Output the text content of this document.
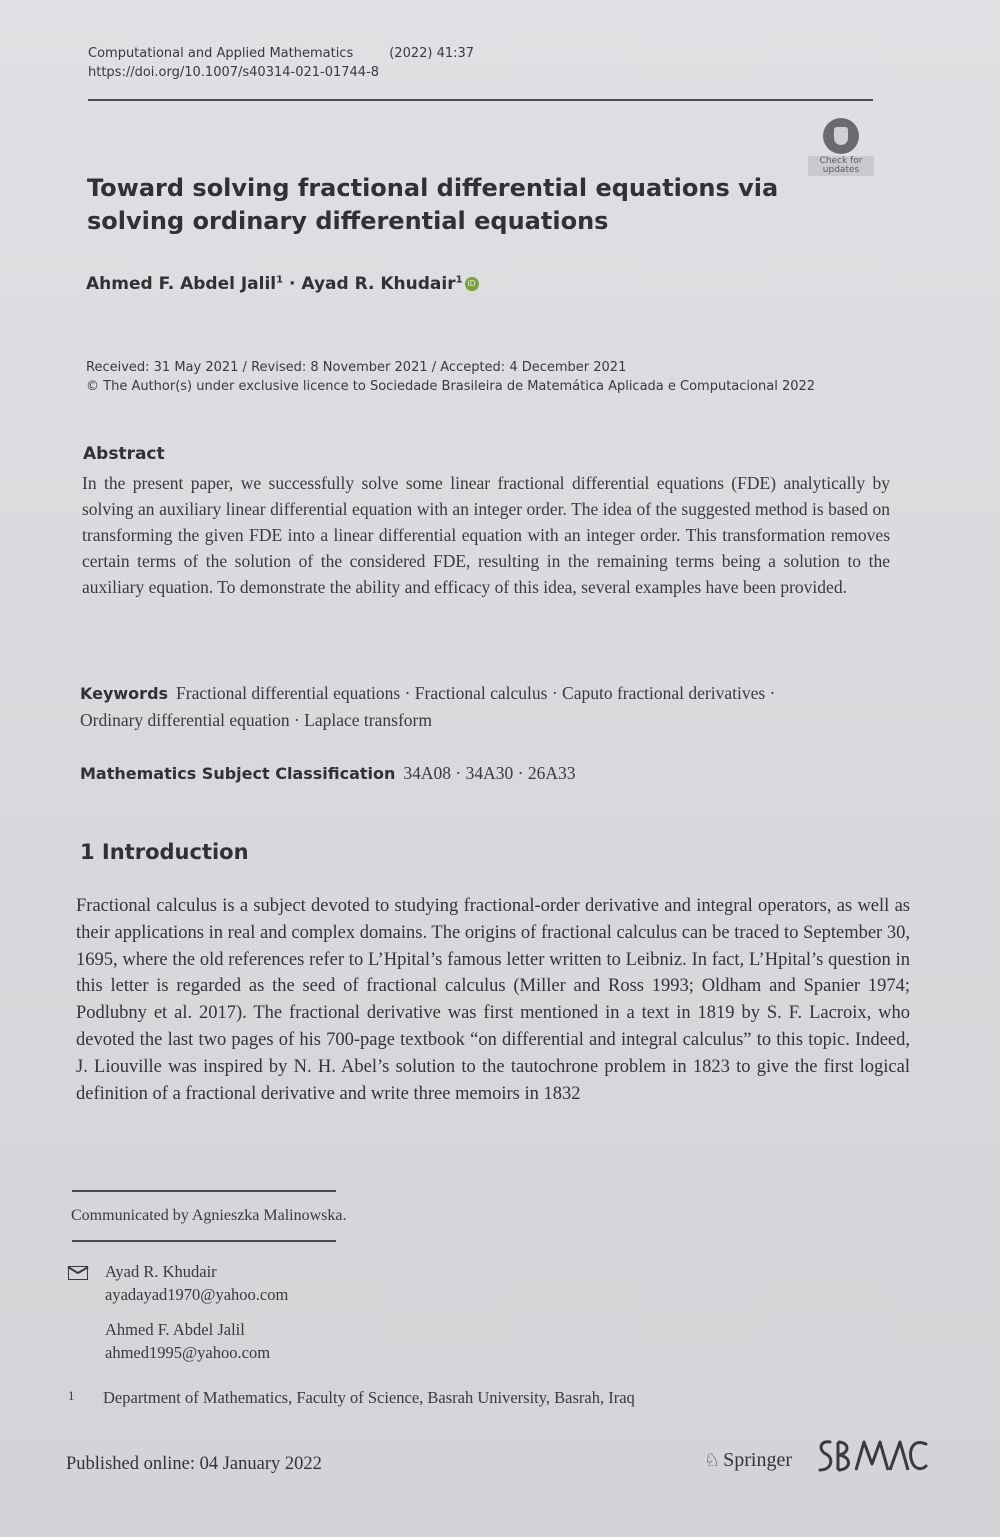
Computational and Applied Mathematics	(2022) 41:37
https://doi.org/10.1007/s40314-021-01744-8
Check for updates
Toward solving fractional differential equations via solving ordinary differential equations
Ahmed F. Abdel Jalil$^1$ · Ayad R. Khudair$^1$ iD
Received: 31 May 2021 / Revised: 8 November 2021 / Accepted: 4 December 2021
© The Author(s) under exclusive licence to Sociedade Brasileira de Matemática Aplicada e Computacional 2022
Abstract
In the present paper, we successfully solve some linear fractional differential equations (FDE) analytically by solving an auxiliary linear differential equation with an integer order. The idea of the suggested method is based on transforming the given FDE into a linear differential equation with an integer order. This transformation removes certain terms of the solution of the considered FDE, resulting in the remaining terms being a solution to the auxiliary equation. To demonstrate the ability and efficacy of this idea, several examples have been provided.
Keywords Fractional differential equations · Fractional calculus · Caputo fractional derivatives · Ordinary differential equation · Laplace transform
Mathematics Subject Classification 34A08 · 34A30 · 26A33
1 Introduction
Fractional calculus is a subject devoted to studying fractional-order derivative and integral operators, as well as their applications in real and complex domains. The origins of fractional calculus can be traced to September 30, 1695, where the old references refer to L’Hpital’s famous letter written to Leibniz. In fact, L’Hpital’s question in this letter is regarded as the seed of fractional calculus (Miller and Ross 1993; Oldham and Spanier 1974; Podlubny et al. 2017). The fractional derivative was first mentioned in a text in 1819 by S. F. Lacroix, who devoted the last two pages of his 700-page textbook “on differential and integral calculus” to this topic. Indeed, J. Liouville was inspired by N. H. Abel’s solution to the tautochrone problem in 1823 to give the first logical definition of a fractional derivative and write three memoirs in 1832
Communicated by Agnieszka Malinowska.
Ayad R. Khudair
ayadayad1970@yahoo.com
Ahmed F. Abdel Jalil
ahmed1995@yahoo.com
1 Department of Mathematics, Faculty of Science, Basrah University, Basrah, Iraq
Published online: 04 January 2022	♘ Springer
